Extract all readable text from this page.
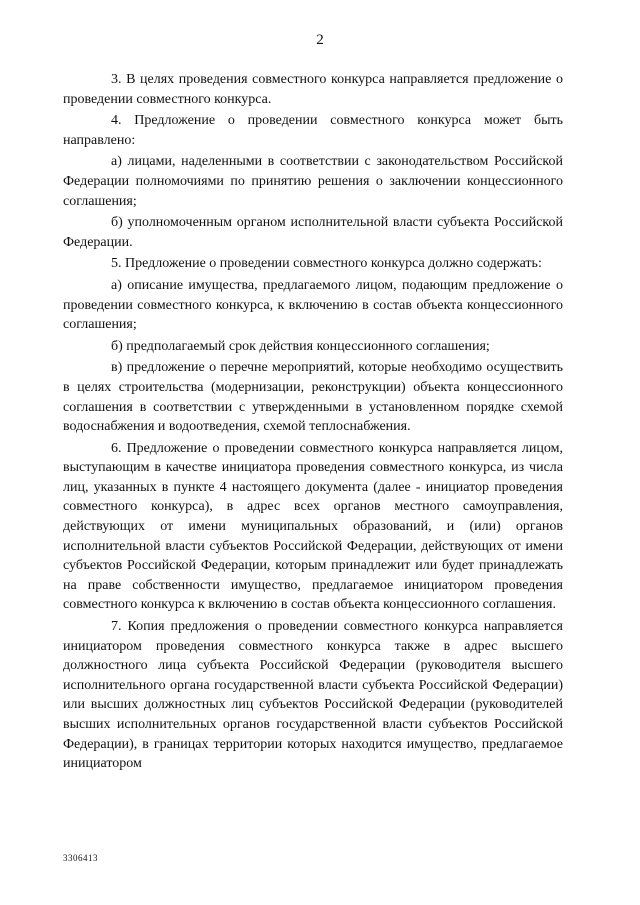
2

3. В целях проведения совместного конкурса направляется предложение о проведении совместного конкурса.

4. Предложение о проведении совместного конкурса может быть направлено:

а) лицами, наделенными в соответствии с законодательством Российской Федерации полномочиями по принятию решения о заключении концессионного соглашения;

б) уполномоченным органом исполнительной власти субъекта Российской Федерации.

5. Предложение о проведении совместного конкурса должно содержать:

а) описание имущества, предлагаемого лицом, подающим предложение о проведении совместного конкурса, к включению в состав объекта концессионного соглашения;

б) предполагаемый срок действия концессионного соглашения;

в) предложение о перечне мероприятий, которые необходимо осуществить в целях строительства (модернизации, реконструкции) объекта концессионного соглашения в соответствии с утвержденными в установленном порядке схемой водоснабжения и водоотведения, схемой теплоснабжения.

6. Предложение о проведении совместного конкурса направляется лицом, выступающим в качестве инициатора проведения совместного конкурса, из числа лиц, указанных в пункте 4 настоящего документа (далее - инициатор проведения совместного конкурса), в адрес всех органов местного самоуправления, действующих от имени муниципальных образований, и (или) органов исполнительной власти субъектов Российской Федерации, действующих от имени субъектов Российской Федерации, которым принадлежит или будет принадлежать на праве собственности имущество, предлагаемое инициатором проведения совместного конкурса к включению в состав объекта концессионного соглашения.

7. Копия предложения о проведении совместного конкурса направляется инициатором проведения совместного конкурса также в адрес высшего должностного лица субъекта Российской Федерации (руководителя высшего исполнительного органа государственной власти субъекта Российской Федерации) или высших должностных лиц субъектов Российской Федерации (руководителей высших исполнительных органов государственной власти субъектов Российской Федерации), в границах территории которых находится имущество, предлагаемое инициатором

3306413
